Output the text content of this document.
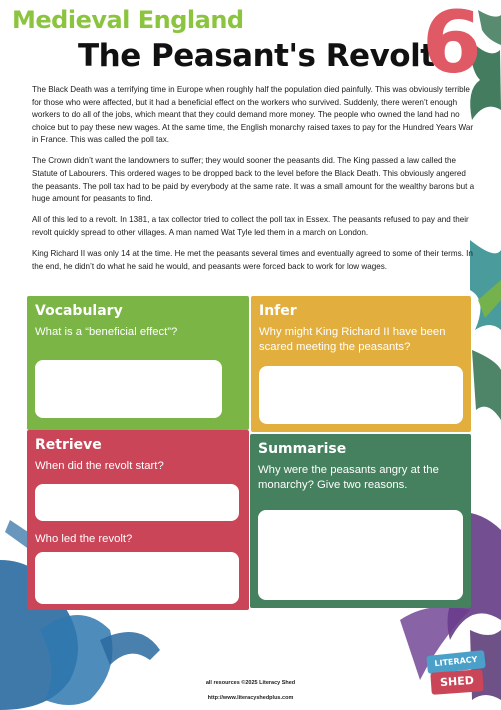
Medieval England
The Peasant's Revolt
6

The Black Death was a terrifying time in Europe when roughly half the population died painfully. This was obviously terrible for those who were affected, but it had a beneficial effect on the workers who survived. Suddenly, there weren’t enough workers to do all of the jobs, which meant that they could demand more money. The people who owned the land had no choice but to pay these new wages. At the same time, the English monarchy raised taxes to pay for the Hundred Years War in France. This was called the poll tax.

The Crown didn’t want the landowners to suffer; they would sooner the peasants did. The King passed a law called the Statute of Labourers. This ordered wages to be dropped back to the level before the Black Death. This obviously angered the peasants. The poll tax had to be paid by everybody at the same rate. It was a small amount for the wealthy barons but a huge amount for peasants to find.

All of this led to a revolt. In 1381, a tax collector tried to collect the poll tax in Essex. The peasants refused to pay and their revolt quickly spread to other villages. A man named Wat Tyle led them in a march on London.

King Richard II was only 14 at the time. He met the peasants several times and eventually agreed to some of their terms. In the end, he didn’t do what he said he would, and peasants were forced back to work for low wages.

Vocabulary
What is a “beneficial effect”?
Infer
Why might King Richard II have been scared meeting the peasants?
Retrieve
When did the revolt start?
Who led the revolt?
Summarise
Why were the peasants angry at the monarchy? Give two reasons.
all resources ©2025 Literacy Shed
http://www.literacyshedplus.com
LITERACY
SHED
